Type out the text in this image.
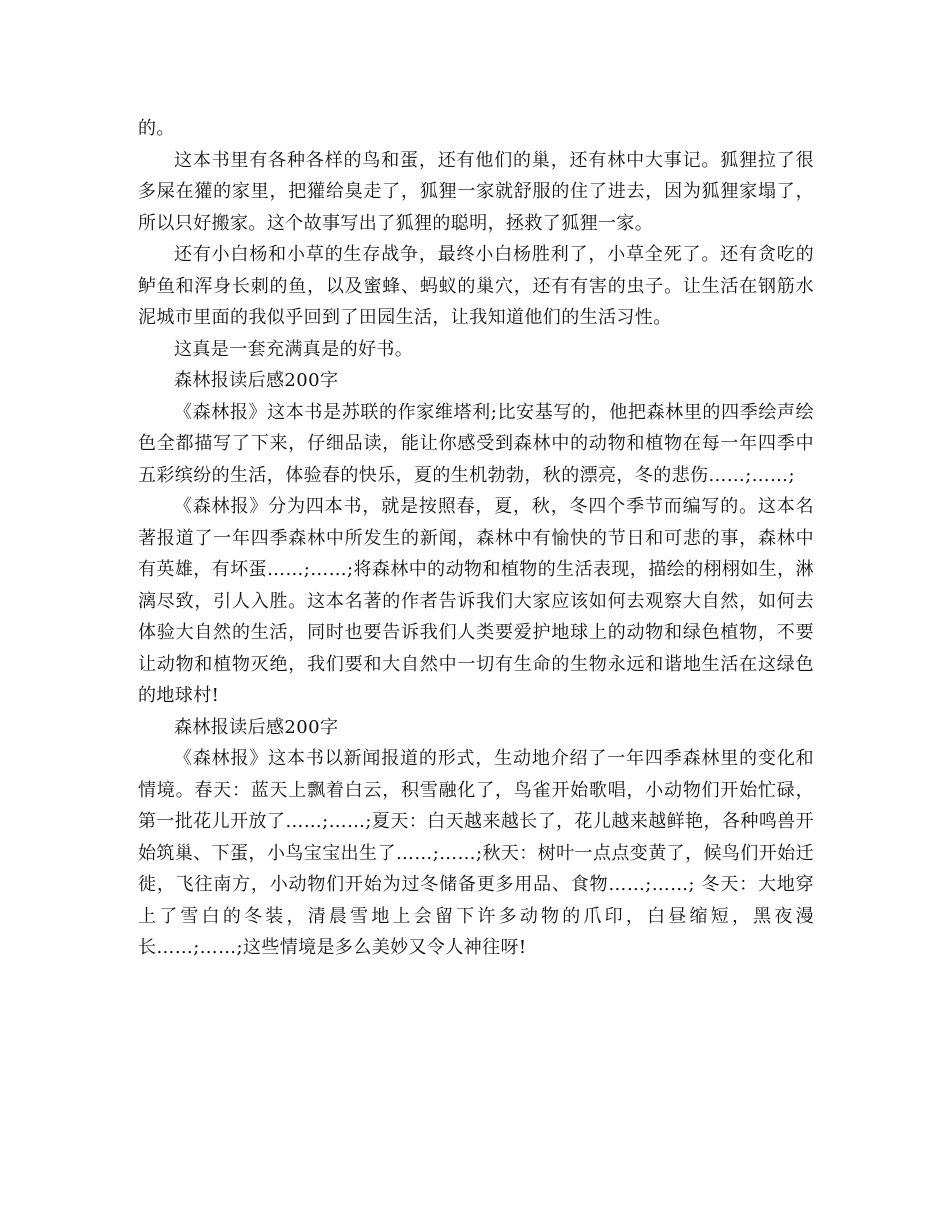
的。

这本书里有各种各样的鸟和蛋，还有他们的巢，还有林中大事记。狐狸拉了很多屎在獾的家里，把獾给臭走了，狐狸一家就舒服的住了进去，因为狐狸家塌了，所以只好搬家。这个故事写出了狐狸的聪明，拯救了狐狸一家。

还有小白杨和小草的生存战争，最终小白杨胜利了，小草全死了。还有贪吃的鲈鱼和浑身长刺的鱼，以及蜜蜂、蚂蚁的巢穴，还有有害的虫子。让生活在钢筋水泥城市里面的我似乎回到了田园生活，让我知道他们的生活习性。

这真是一套充满真是的好书。

森林报读后感200字

《森林报》这本书是苏联的作家维塔利;比安基写的，他把森林里的四季绘声绘色全都描写了下来，仔细品读，能让你感受到森林中的动物和植物在每一年四季中五彩缤纷的生活，体验春的快乐，夏的生机勃勃，秋的漂亮，冬的悲伤……;……;

《森林报》分为四本书，就是按照春，夏，秋，冬四个季节而编写的。这本名著报道了一年四季森林中所发生的新闻，森林中有愉快的节日和可悲的事，森林中有英雄，有坏蛋……;……;将森林中的动物和植物的生活表现，描绘的栩栩如生，淋漓尽致，引人入胜。这本名著的作者告诉我们大家应该如何去观察大自然，如何去体验大自然的生活，同时也要告诉我们人类要爱护地球上的动物和绿色植物，不要让动物和植物灭绝，我们要和大自然中一切有生命的生物永远和谐地生活在这绿色的地球村!

森林报读后感200字

《森林报》这本书以新闻报道的形式，生动地介绍了一年四季森林里的变化和情境。春天：蓝天上飘着白云，积雪融化了，鸟雀开始歌唱，小动物们开始忙碌，第一批花儿开放了……;……;夏天：白天越来越长了，花儿越来越鲜艳，各种鸣兽开始筑巢、下蛋，小鸟宝宝出生了……;……;秋天：树叶一点点变黄了，候鸟们开始迁徙，飞往南方，小动物们开始为过冬储备更多用品、食物……;……; 冬天：大地穿上了雪白的冬装，清晨雪地上会留下许多动物的爪印，白昼缩短，黑夜漫长……;……;这些情境是多么美妙又令人神往呀!
